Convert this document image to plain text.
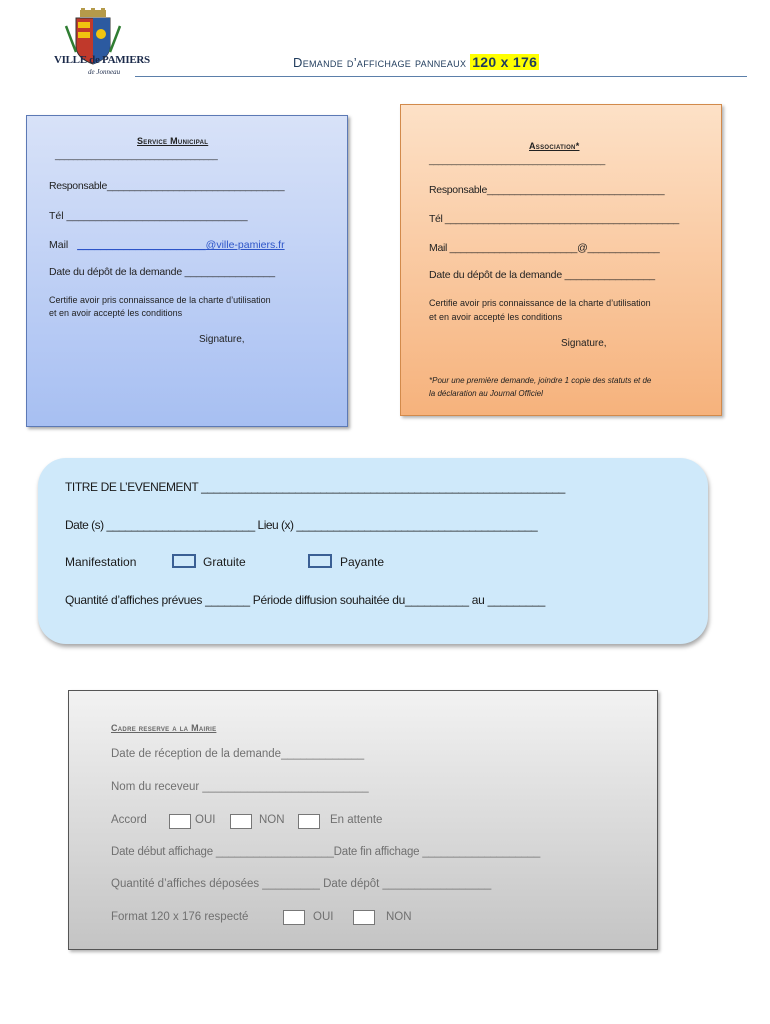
VILLE de PAMIERS
de Jonneau
Demande d’affichage panneaux 120 x 176
Service Municipal
____________________________________
Responsable________________________________
Tél _______________________________
Mail ______________________@ville-pamiers.fr
Date du dépôt de la demande ________________
Certifie avoir pris connaissance de la charte d’utilisation
et en avoir accepté les conditions
Signature,
Association*
_______________________________________
Responsable________________________________
Tél ___________________________________________
Mail _______________________@_____________
Date du dépôt de la demande ________________
Certifie avoir pris connaissance de la charte d’utilisation
et en avoir accepté les conditions
Signature,
*Pour une première demande, joindre 1 copie des statuts et de
la déclaration au Journal Officiel
TITRE DE L’EVENEMENT __________________________________________________________
Date (s) ________________________ Lieu (x) _______________________________________
Manifestation	Gratuite	Payante
Quantité d’affiches prévues _______ Période diffusion souhaitée du__________ au _________
Cadre reserve a la Mairie
Date de réception de la demande_____________
Nom du receveur __________________________
Accord	OUI	NON	En attente
Date début affichage ___________________Date fin affichage ___________________
Quantité d’affiches déposées _________ Date dépôt _________________
Format 120 x 176 respecté	OUI	NON
